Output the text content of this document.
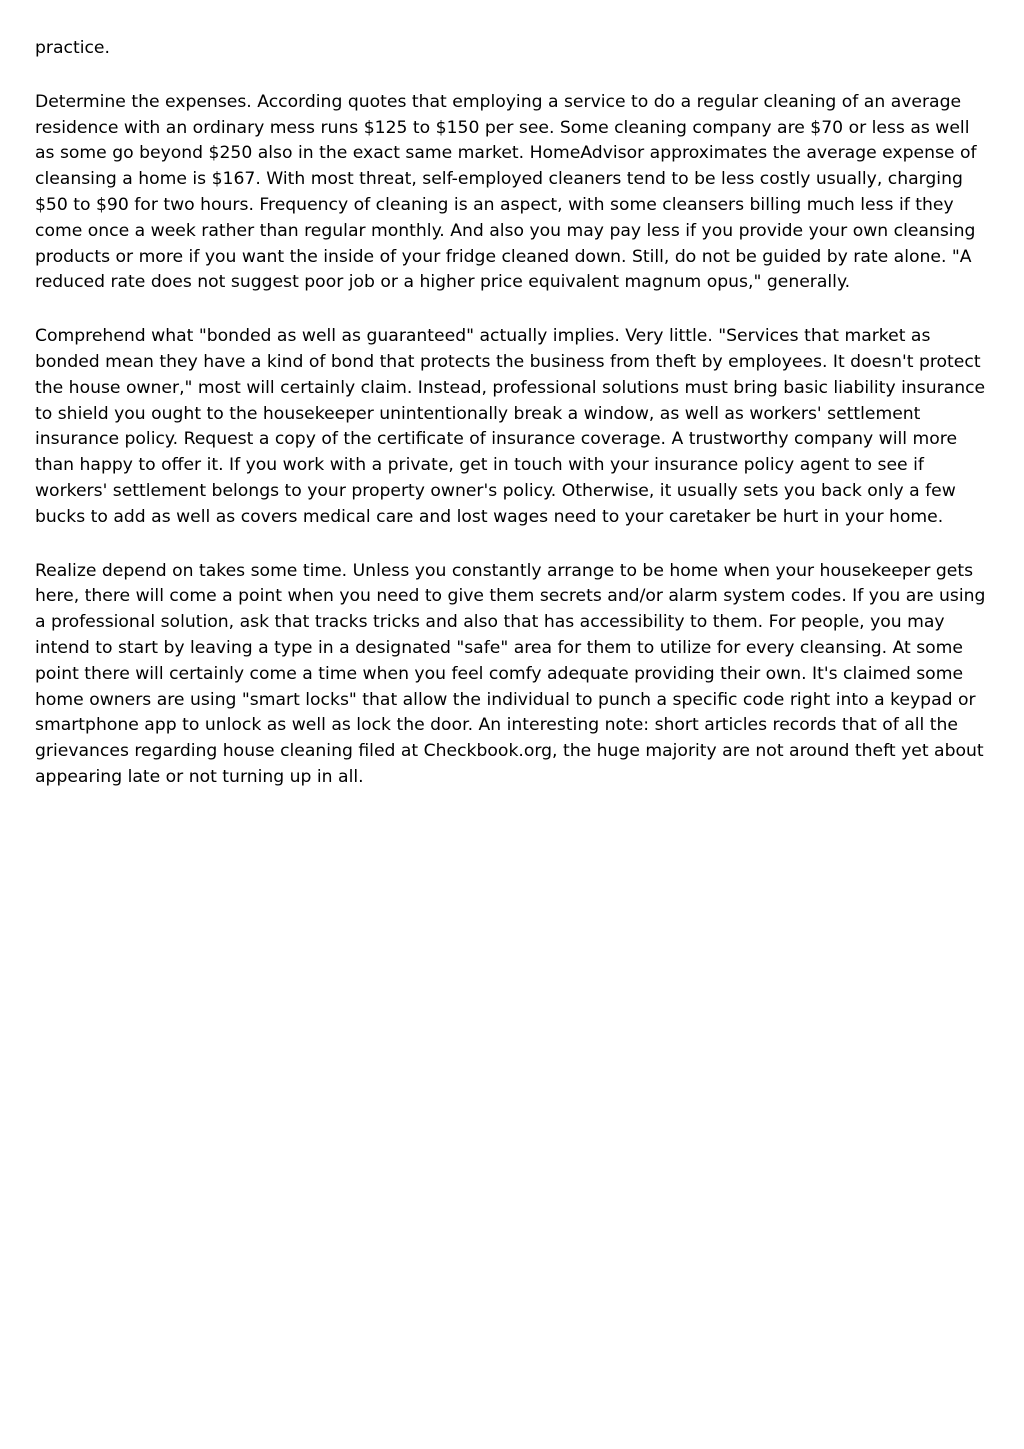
practice.

Determine the expenses. According quotes that employing a service to do a regular cleaning of an average residence with an ordinary mess runs $125 to $150 per see. Some cleaning company are $70 or less as well as some go beyond $250 also in the exact same market. HomeAdvisor approximates the average expense of cleansing a home is $167. With most threat, self-employed cleaners tend to be less costly usually, charging $50 to $90 for two hours. Frequency of cleaning is an aspect, with some cleansers billing much less if they come once a week rather than regular monthly. And also you may pay less if you provide your own cleansing products or more if you want the inside of your fridge cleaned down. Still, do not be guided by rate alone. "A reduced rate does not suggest poor job or a higher price equivalent magnum opus," generally.

Comprehend what "bonded as well as guaranteed" actually implies. Very little. "Services that market as bonded mean they have a kind of bond that protects the business from theft by employees. It doesn't protect the house owner," most will certainly claim. Instead, professional solutions must bring basic liability insurance to shield you ought to the housekeeper unintentionally break a window, as well as workers' settlement insurance policy. Request a copy of the certificate of insurance coverage. A trustworthy company will more than happy to offer it. If you work with a private, get in touch with your insurance policy agent to see if workers' settlement belongs to your property owner's policy. Otherwise, it usually sets you back only a few bucks to add as well as covers medical care and lost wages need to your caretaker be hurt in your home.

Realize depend on takes some time. Unless you constantly arrange to be home when your housekeeper gets here, there will come a point when you need to give them secrets and/or alarm system codes. If you are using a professional solution, ask that tracks tricks and also that has accessibility to them. For people, you may intend to start by leaving a type in a designated "safe" area for them to utilize for every cleansing. At some point there will certainly come a time when you feel comfy adequate providing their own. It's claimed some home owners are using "smart locks" that allow the individual to punch a specific code right into a keypad or smartphone app to unlock as well as lock the door. An interesting note: short articles records that of all the grievances regarding house cleaning filed at Checkbook.org, the huge majority are not around theft yet about appearing late or not turning up in all.
